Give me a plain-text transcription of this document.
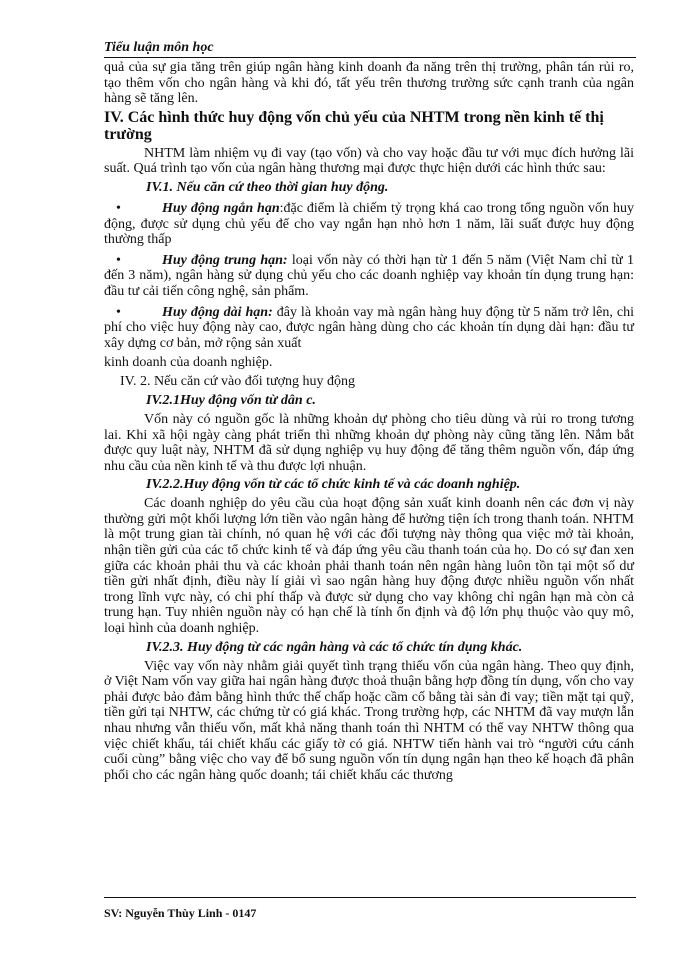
Tiểu luận môn học

quả của sự gia tăng trên giúp ngân hàng kinh doanh đa năng trên thị trường, phân tán rủi ro, tạo thêm vốn cho ngân hàng và khi đó, tất yếu trên thương trường sức cạnh tranh của ngân hàng sẽ tăng lên.

IV. Các hình thức huy động vốn chủ yếu của NHTM trong nền kinh tế thị trường

NHTM làm nhiệm vụ đi vay (tạo vốn) và cho vay hoặc đầu tư với mục đích hưởng lãi suất. Quá trình tạo vốn của ngân hàng thương mại được thực hiện dưới các hình thức sau:

IV.1. Nếu căn cứ theo thời gian huy động.
•	Huy động ngắn hạn:đặc điểm là chiếm tỷ trọng khá cao trong tổng nguồn vốn huy động, được sử dụng chủ yếu để cho vay ngắn hạn nhỏ hơn 1 năm, lãi suất được huy động thường thấp

•	Huy động trung hạn: loại vốn này có thời hạn từ 1 đến 5 năm (Việt Nam chỉ từ 1 đến 3 năm), ngân hàng sử dụng chủ yếu cho các doanh nghiệp vay khoản tín dụng trung hạn: đầu tư cải tiến công nghệ, sản phẩm.

•	Huy động dài hạn: đây là khoản vay mà ngân hàng huy động từ 5 năm trở lên, chi phí cho việc huy động này cao, được ngân hàng dùng cho các khoản tín dụng dài hạn: đầu tư xây dựng cơ bản, mở rộng sản xuất

kinh doanh của doanh nghiệp.

IV. 2. Nếu căn cứ vào đối tượng huy động
IV.2.1Huy động vốn từ dân c.

Vốn này có nguồn gốc là những khoản dự phòng cho tiêu dùng và rủi ro trong tương lai. Khi xã hội ngày càng phát triển thì những khoản dự phòng này cũng tăng lên. Nắm bắt được quy luật này, NHTM đã sử dụng nghiệp vụ huy động để tăng thêm nguồn vốn, đáp ứng nhu cầu của nền kinh tế và thu được lợi nhuận.

IV.2.2.Huy động vốn từ các tổ chức kinh tế và các doanh nghiệp.

Các doanh nghiệp do yêu cầu của hoạt động sản xuất kinh doanh nên các đơn vị này thường gửi một khối lượng lớn tiền vào ngân hàng để hưởng tiện ích trong thanh toán. NHTM là một trung gian tài chính, nó quan hệ với các đối tượng này thông qua việc mở tài khoản, nhận tiền gửi của các tổ chức kinh tế và đáp ứng yêu cầu thanh toán của họ. Do có sự đan xen giữa các khoản phải thu và các khoản phải thanh toán nên ngân hàng luôn tồn tại một số dư tiền gửi nhất định, điều này lí giải vì sao ngân hàng huy động được nhiều nguồn vốn nhất trong lĩnh vực này, có chi phí thấp và được sử dụng cho vay không chỉ ngân hạn mà còn cả trung hạn. Tuy nhiên nguồn này có hạn chế là tính ổn định và độ lớn phụ thuộc vào quy mô, loại hình của doanh nghiệp.

IV.2.3. Huy động từ các ngân hàng và các tổ chức tín dụng khác.

Việc vay vốn này nhằm giải quyết tình trạng thiếu vốn của ngân hàng. Theo quy định, ở Việt Nam vốn vay giữa hai ngân hàng được thoả thuận bằng hợp đồng tín dụng, vốn cho vay phải được bảo đảm bằng hình thức thế chấp hoặc cầm cố bằng tài sản đi vay; tiền mặt tại quỹ, tiền gửi tại NHTW, các chứng từ có giá khác. Trong trường hợp, các NHTM đã vay mượn lẫn nhau nhưng vẫn thiếu vốn, mất khả năng thanh toán thì NHTM có thể vay NHTW thông qua việc chiết khấu, tái chiết khấu các giấy tờ có giá. NHTW tiến hành vai trò “người cứu cánh cuối cùng” bằng việc cho vay để bổ sung nguồn vốn tín dụng ngân hạn theo kế hoạch đã phân phối cho các ngân hàng quốc doanh; tái chiết khấu các thương

SV: Nguyễn Thùy Linh - 0147
